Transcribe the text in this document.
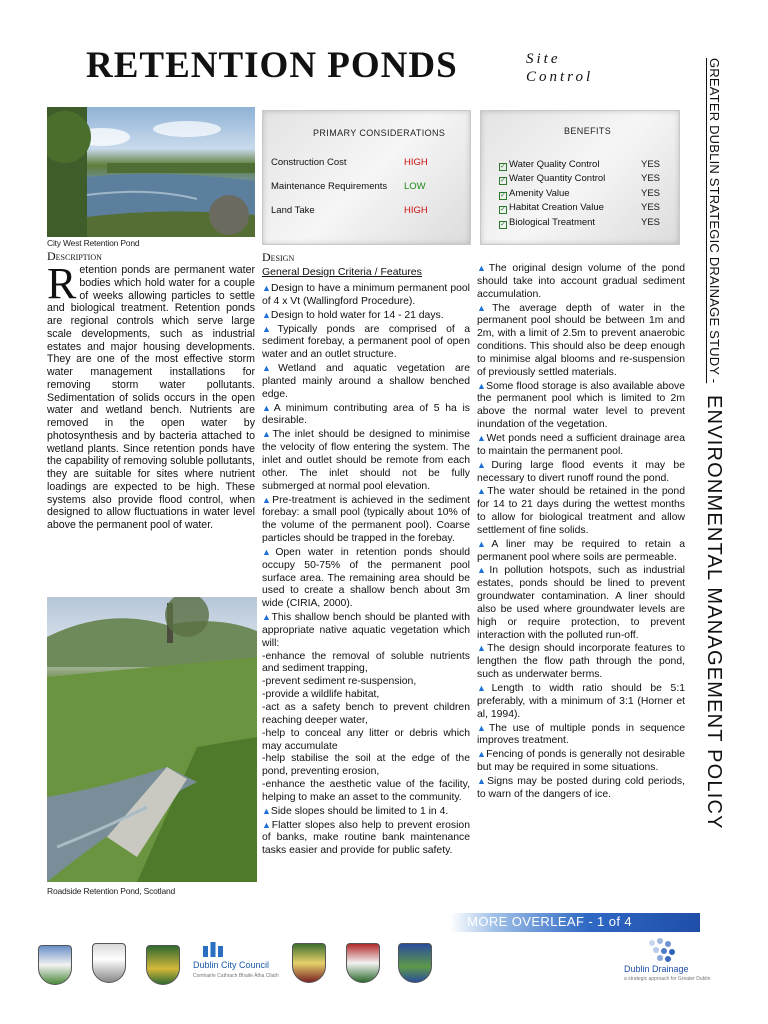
RETENTION PONDS	Site
Control	GREATER DUBLIN STRATEGIC DRAINAGE STUDY -
ENVIRONMENTAL MANAGEMENT POLICY
City West Retention Pond
PRIMARY CONSIDERATIONS
Construction Cost	HIGH
Maintenance Requirements LOW
Land Take	HIGH
BENEFITS
✓ Water Quality Control	YES
✓ Water Quantity Control	YES
✓ Amenity Value	YES
✓ Habitat Creation Value	YES
✓ Biological Treatment	YES
Description
Retention ponds are permanent water bodies which hold water for a couple of weeks allowing particles to settle and biological treatment. Retention ponds are regional controls which serve large scale developments, such as industrial estates and major housing developments. They are one of the most effective storm water management installations for removing storm water pollutants. Sedimentation of solids occurs in the open water and wetland bench. Nutrients are removed in the open water by photosynthesis and by bacteria attached to wetland plants. Since retention ponds have the capability of removing soluble pollutants, they are suitable for sites where nutrient loadings are expected to be high. These systems also provide flood control, when designed to allow fluctuations in water level above the permanent pool of water.
Roadside Retention Pond, Scotland
Design
General Design Criteria / Features

▲Design to have a minimum permanent pool of 4 x Vt (Wallingford Procedure).

▲Design to hold water for 14 - 21 days.

▲Typically ponds are comprised of a sediment forebay, a permanent pool of open water and an outlet structure.

▲Wetland and aquatic vegetation are planted mainly around a shallow benched edge.

▲A minimum contributing area of 5 ha is desirable.

▲The inlet should be designed to minimise the velocity of flow entering the system. The inlet and outlet should be remote from each other. The inlet should not be fully submerged at normal pool elevation.

▲Pre-treatment is achieved in the sediment forebay: a small pool (typically about 10% of the volume of the permanent pool). Coarse particles should be trapped in the forebay.

▲Open water in retention ponds should occupy 50-75% of the permanent pool surface area. The remaining area should be used to create a shallow bench about 3m wide (CIRIA, 2000).

▲This shallow bench should be planted with appropriate native aquatic vegetation which will:

-enhance the removal of soluble nutrients and sediment trapping,

-prevent sediment re-suspension,

-provide a wildlife habitat,

-act as a safety bench to prevent children reaching deeper water,

-help to conceal any litter or debris which may accumulate

-help stabilise the soil at the edge of the pond, preventing erosion,

-enhance the aesthetic value of the facility, helping to make an asset to the community.

▲Side slopes should be limited to 1 in 4.

▲Flatter slopes also help to prevent erosion of banks, make routine bank maintenance tasks easier and provide for public safety.

▲The original design volume of the pond should take into account gradual sediment accumulation.

▲The average depth of water in the permanent pool should be between 1m and 2m, with a limit of 2.5m to prevent anaerobic conditions. This should also be deep enough to minimise algal blooms and re-suspension of previously settled materials.

▲Some flood storage is also available above the permanent pool which is limited to 2m above the normal water level to prevent inundation of the vegetation.

▲Wet ponds need a sufficient drainage area to maintain the permanent pool.

▲During large flood events it may be necessary to divert runoff round the pond.

▲The water should be retained in the pond for 14 to 21 days during the wettest months to allow for biological treatment and allow settlement of fine solids.

▲A liner may be required to retain a permanent pool where soils are permeable.

▲In pollution hotspots, such as industrial estates, ponds should be lined to prevent groundwater contamination. A liner should also be used where groundwater levels are high or require protection, to prevent interaction with the polluted run-off.

▲The design should incorporate features to lengthen the flow path through the pond, such as underwater berms.

▲Length to width ratio should be 5:1 preferably, with a minimum of 3:1 (Horner et al, 1994).

▲The use of multiple ponds in sequence improves treatment.

▲Fencing of ponds is generally not desirable but may be required in some situations.

▲Signs may be posted during cold periods, to warn of the dangers of ice.

MORE OVERLEAF - 1 of 4
Dublin City Council
Comhairle Cathrach Bhaile Átha Cliath
Dublin Drainage
a strategic approach for Greater Dublin
